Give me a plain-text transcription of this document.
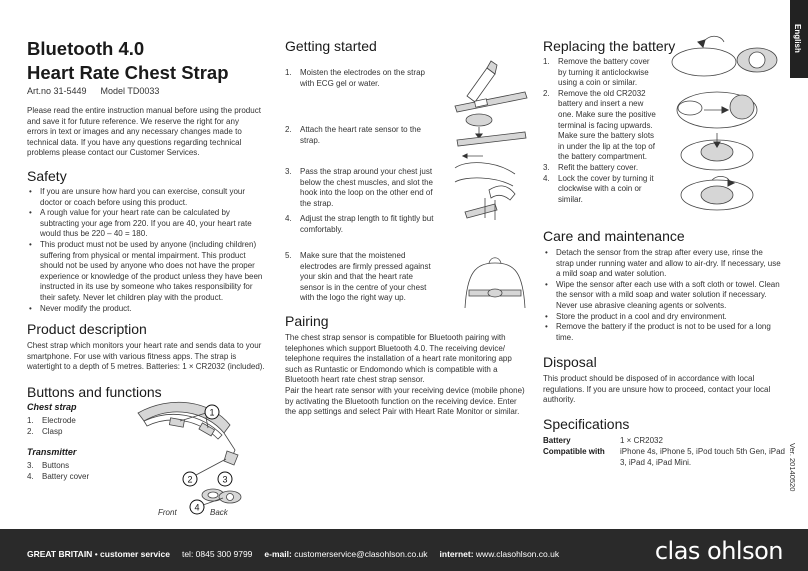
English
Ver. 20140520
Bluetooth 4.0
Heart Rate Chest Strap
Art.no 31-5449 Model TD0033
Please read the entire instruction manual before using the product and save it for future reference. We reserve the right for any errors in text or images and any necessary changes made to technical data. If you have any questions regarding technical problems please contact our Customer Services.
Safety
• If you are unsure how hard you can exercise, consult your doctor or coach before using this product.
• A rough value for your heart rate can be calculated by subtracting your age from 220. If you are 40, your heart rate would thus be 220 – 40 = 180.
• This product must not be used by anyone (including children) suffering from physical or mental impairment. This product should not be used by anyone who does not have the proper experience or knowledge of the product unless they have been instructed in its use by someone who takes responsibility for their safety. Never let children play with the product.
• Never modify the product.
Product description
Chest strap which monitors your heart rate and sends data to your smartphone. For use with various fitness apps. The strap is watertight to a depth of 5 metres. Batteries: 1 × CR2032 (included).
Buttons and functions
Chest strap
1. Electrode
2. Clasp
Transmitter
3. Buttons
4. Battery cover
1
2	3
4
Front	Back
Getting started
1.	Moisten the electrodes on the strap with ECG gel or water.
2.	Attach the heart rate sensor to the strap.
3.	Pass the strap around your chest just below the chest muscles, and slot the hook into the loop on the other end of the strap.
4.	Adjust the strap length to fit tightly but comfortably.
5.	Make sure that the moistened electrodes are firmly pressed against your skin and that the heart rate sensor is in the centre of your chest with the logo the right way up.
Pairing
The chest strap sensor is compatible for Bluetooth pairing with telephones which support Bluetooth 4.0. The receiving device/ telephone requires the installation of a heart rate monitoring app such as Runtastic or Endomondo which is compatible with a Bluetooth heart rate chest strap sensor.
Pair the heart rate sensor with your receiving device (mobile phone) by activating the Bluetooth function on the receiving device. Enter the app settings and select Pair with Heart Rate Monitor or similar.
Replacing the battery
1. Remove the battery cover by turning it anticlockwise using a coin or similar.
2. Remove the old CR2032 battery and insert a new one. Make sure the positive terminal is facing upwards. Make sure the battery slots in under the lip at the top of the battery compartment.
3. Refit the battery cover.
4. Lock the cover by turning it clockwise with a coin or similar.
Care and maintenance
• Detach the sensor from the strap after every use, rinse the strap under running water and allow to air-dry. If necessary, use a mild soap and water solution.
• Wipe the sensor after each use with a soft cloth or towel. Clean the sensor with a mild soap and water solution if necessary. Never use abrasive cleaning agents or solvents.
• Store the product in a cool and dry environment.
• Remove the battery if the product is not to be used for a long time.
Disposal
This product should be disposed of in accordance with local regulations. If you are unsure how to proceed, contact your local authority.
Specifications
Battery	1 × CR2032
Compatible with iPhone 4s, iPhone 5, iPod touch 5th Gen, iPad 3, iPad 4, iPad Mini.
GREAT BRITAIN • customer service tel: 0845 300 9799 e-mail: customerservice@clasohlson.co.uk internet: www.clasohlson.co.uk	clas ohlson
